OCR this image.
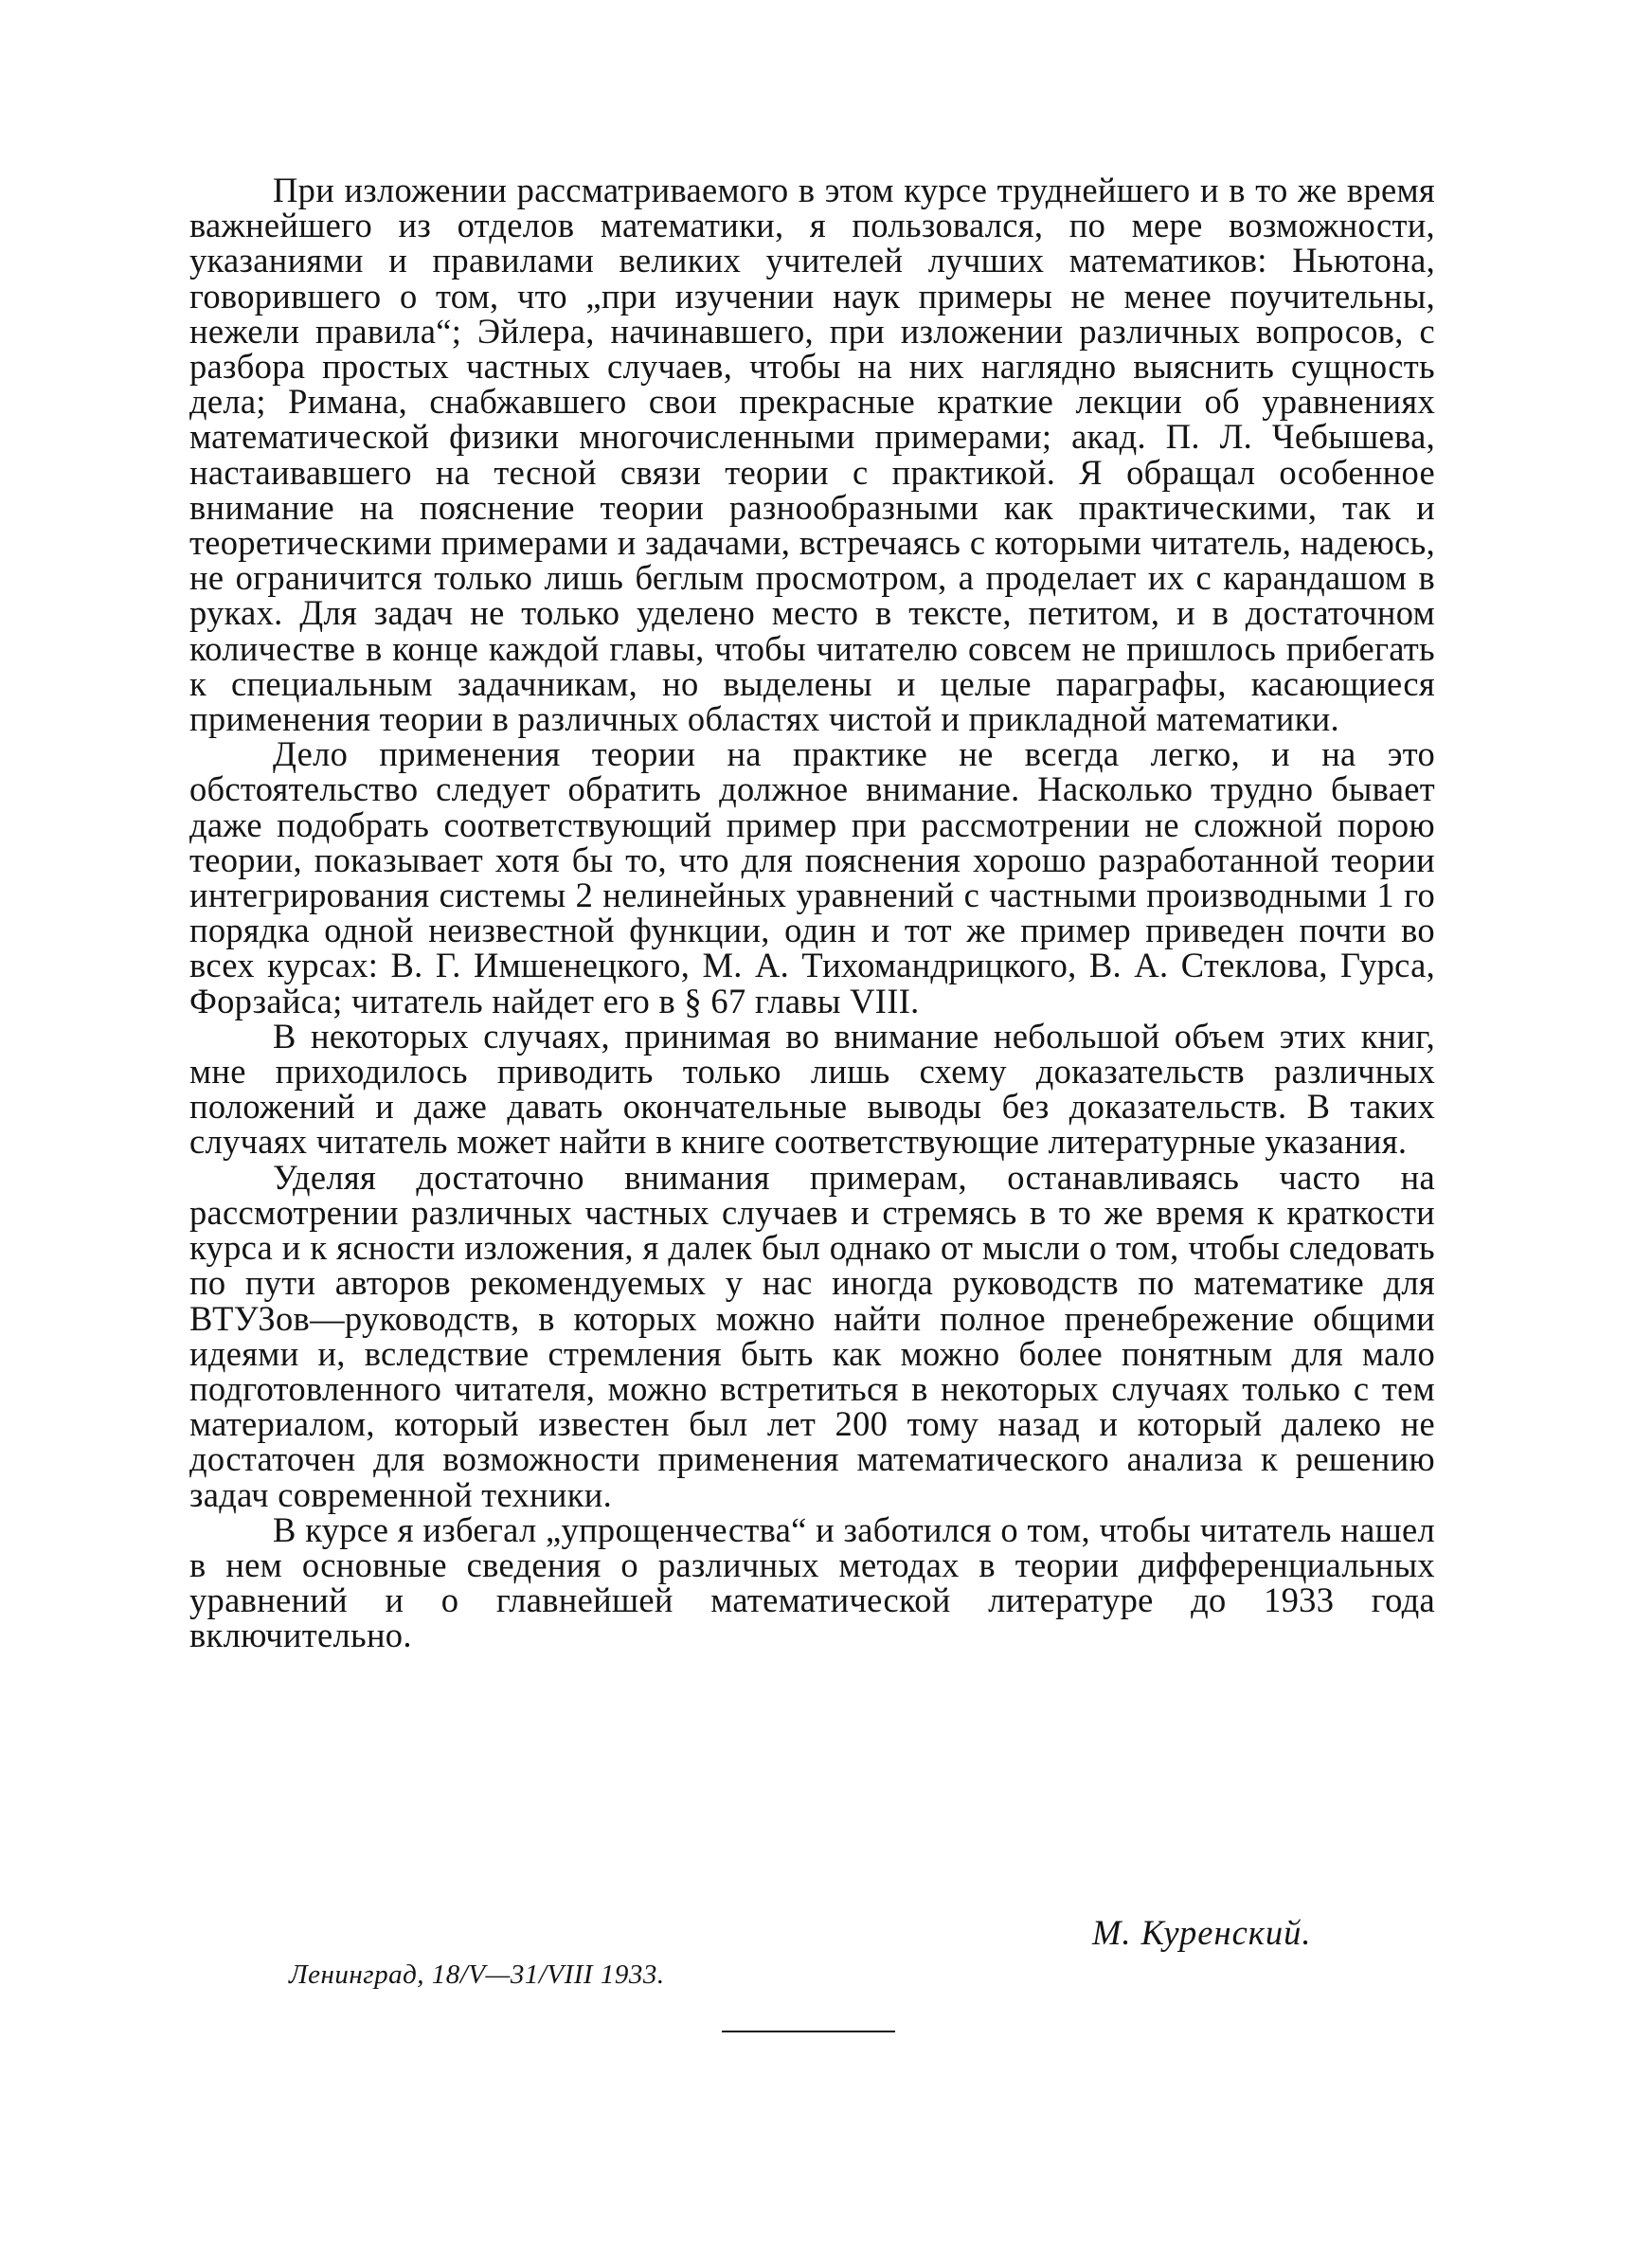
При изложении рассматриваемого в этом курсе труднейшего и в то же время важнейшего из отделов математики, я пользовался, по мере возможности, указаниями и правилами великих учителей лучших математиков: Ньютона, говорившего о том, что „при изучении наук примеры не менее поучительны, нежели правила“; Эйлера, начинавшего, при изложении различных вопросов, с разбора простых частных случаев, чтобы на них наглядно выяснить сущность дела; Римана, снабжавшего свои прекрасные краткие лекции об уравнениях математической физики многочисленными примерами; акад. П. Л. Чебышева, настаивавшего на тесной связи теории с практикой. Я обращал особенное внимание на пояснение теории разнообразными как практическими, так и теоретическими примерами и задачами, встречаясь с которыми читатель, надеюсь, не ограничится только лишь беглым просмотром, а проделает их с карандашом в руках. Для задач не только уделено место в тексте, петитом, и в достаточном количестве в конце каждой главы, чтобы читателю совсем не пришлось прибегать к специальным задачникам, но выделены и целые параграфы, касающиеся применения теории в различных областях чистой и прикладной математики.

Дело применения теории на практике не всегда легко, и на это обстоятельство следует обратить должное внимание. Насколько трудно бывает даже подобрать соответствующий пример при рассмотрении не сложной порою теории, показывает хотя бы то, что для пояснения хорошо разработанной теории интегрирования системы 2 нелинейных уравнений с частными производными 1 го порядка одной неизвестной функции, один и тот же пример приведен почти во всех курсах: В. Г. Имшенецкого, М. А. Тихомандрицкого, В. А. Стеклова, Гурса, Форзайса; читатель найдет его в § 67 главы VIII.

В некоторых случаях, принимая во внимание небольшой объем этих книг, мне приходилось приводить только лишь схему доказательств различных положений и даже давать окончательные выводы без доказательств. В таких случаях читатель может найти в книге соответствующие литературные указания.

Уделяя достаточно внимания примерам, останавливаясь часто на рассмотрении различных частных случаев и стремясь в то же время к краткости курса и к ясности изложения, я далек был однако от мысли о том, чтобы следовать по пути авторов рекомендуемых у нас иногда руководств по математике для ВТУЗов—руководств, в которых можно найти полное пренебрежение общими идеями и, вследствие стремления быть как можно более понятным для мало подготовленного читателя, можно встретиться в некоторых случаях только с тем материалом, который известен был лет 200 тому назад и который далеко не достаточен для возможности применения математического анализа к решению задач современной техники.

В курсе я избегал „упрощенчества“ и заботился о том, чтобы читатель нашел в нем основные сведения о различных методах в теории дифференциальных уравнений и о главнейшей математической литературе до 1933 года включительно.

М. Куренский.
Ленинград, 18/V—31/VIII 1933.
